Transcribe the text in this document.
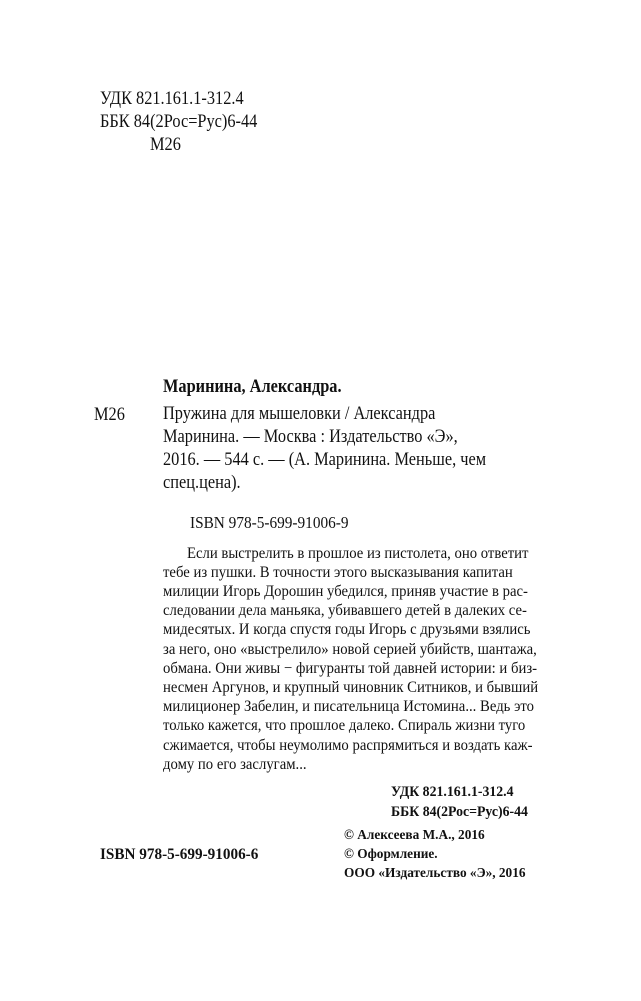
УДК 821.161.1-312.4
ББК 84(2Рос=Рус)6-44
М26
Маринина, Александра.
М26 Пружина для мышеловки / Александра
Маринина. — Москва : Издательство «Э»,
2016. — 544 с. — (А. Маринина. Меньше, чем
спец.цена).
ISBN 978-5-699-91006-9
Если выстрелить в прошлое из пистолета, оно ответит
тебе из пушки. В точности этого высказывания капитан
милиции Игорь Дорошин убедился, приняв участие в рас-
следовании дела маньяка, убивавшего детей в далеких се-
мидесятых. И когда спустя годы Игорь с друзьями взялись
за него, оно «выстрелило» новой серией убийств, шантажа,
обмана. Они живы − фигуранты той давней истории: и биз-
несмен Аргунов, и крупный чиновник Ситников, и бывший
милиционер Забелин, и писательница Истомина... Ведь это
только кажется, что прошлое далеко. Спираль жизни туго
сжимается, чтобы неумолимо распрямиться и воздать каж-
дому по его заслугам...
УДК 821.161.1-312.4
ББК 84(2Рос=Рус)6-44
ISBN 978-5-699-91006-6
© Алексеева М.А., 2016
© Оформление.
ООО «Издательство «Э», 2016
